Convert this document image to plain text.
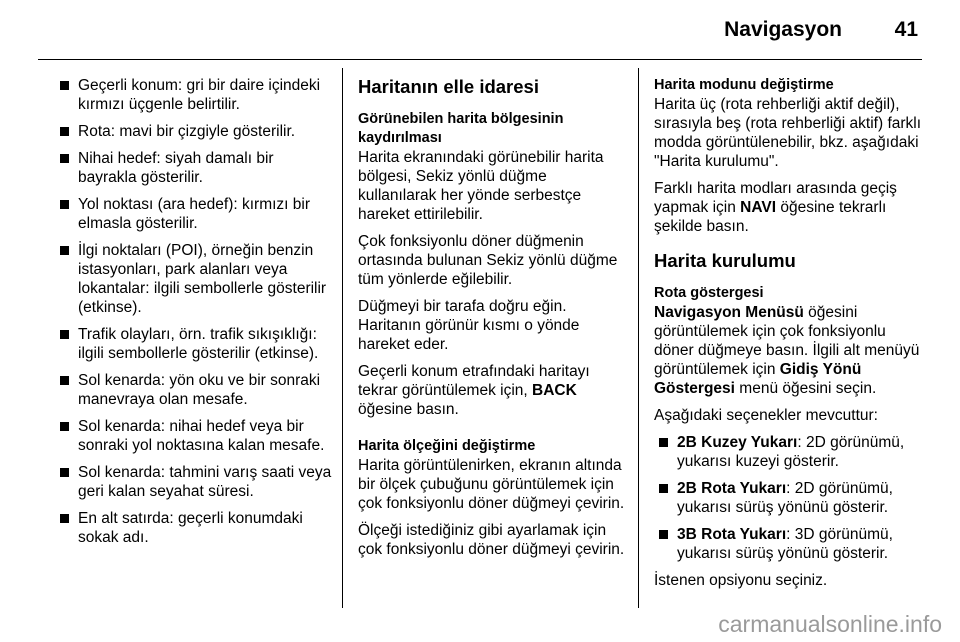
Navigasyon	41
Geçerli konum: gri bir daire içindeki kırmızı üçgenle belirtilir.
Rota: mavi bir çizgiyle gösterilir.
Nihai hedef: siyah damalı bir bayrakla gösterilir.
Yol noktası (ara hedef): kırmızı bir elmasla gösterilir.
İlgi noktaları (POI), örneğin benzin istasyonları, park alanları veya lokantalar: ilgili sembollerle gösterilir (etkinse).
Trafik olayları, örn. trafik sıkışıklığı: ilgili sembollerle gösterilir (etkinse).
Sol kenarda: yön oku ve bir sonraki manevraya olan mesafe.
Sol kenarda: nihai hedef veya bir sonraki yol noktasına kalan mesafe.
Sol kenarda: tahmini varış saati veya geri kalan seyahat süresi.
En alt satırda: geçerli konumdaki sokak adı.
Haritanın elle idaresi
Görünebilen harita bölgesinin kaydırılması

Harita ekranındaki görünebilir harita bölgesi, Sekiz yönlü düğme kullanılarak her yönde serbestçe hareket ettirilebilir.

Çok fonksiyonlu döner düğmenin ortasında bulunan Sekiz yönlü düğme tüm yönlerde eğilebilir.

Düğmeyi bir tarafa doğru eğin. Haritanın görünür kısmı o yönde hareket eder.

Geçerli konum etrafındaki haritayı tekrar görüntülemek için, BACK öğesine basın.

Harita ölçeğini değiştirme

Harita görüntülenirken, ekranın altında bir ölçek çubuğunu görüntülemek için çok fonksiyonlu döner düğmeyi çevirin.

Ölçeği istediğiniz gibi ayarlamak için çok fonksiyonlu döner düğmeyi çevirin.

Harita modunu değiştirme

Harita üç (rota rehberliği aktif değil), sırasıyla beş (rota rehberliği aktif) farklı modda görüntülenebilir, bkz. aşağıdaki "Harita kurulumu".

Farklı harita modları arasında geçiş yapmak için NAVI öğesine tekrarlı şekilde basın.

Harita kurulumu
Rota göstergesi

Navigasyon Menüsü öğesini görüntülemek için çok fonksiyonlu döner düğmeye basın. İlgili alt menüyü görüntülemek için Gidiş Yönü Göstergesi menü öğesini seçin.

Aşağıdaki seçenekler mevcuttur:

2B Kuzey Yukarı: 2D görünümü, yukarısı kuzeyi gösterir.
2B Rota Yukarı: 2D görünümü, yukarısı sürüş yönünü gösterir.
3B Rota Yukarı: 3D görünümü, yukarısı sürüş yönünü gösterir.

İstenen opsiyonu seçiniz.

carmanualsonline.info
